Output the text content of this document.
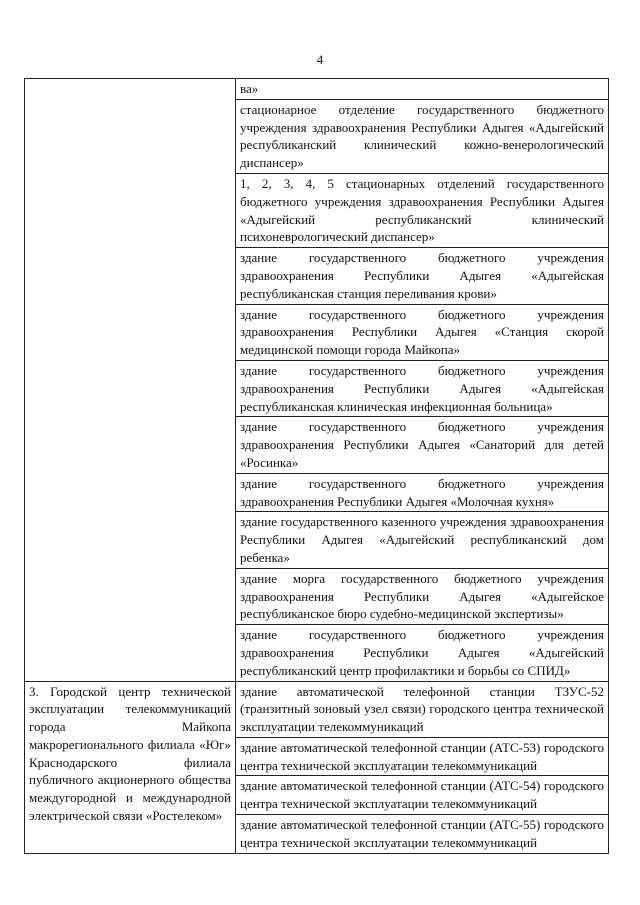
4
	ва»
	стационарное отделение государственного бюджетного учреждения здравоохранения Республики Адыгея «Адыгейский республиканский клинический кожно-венерологический диспансер»
	1, 2, 3, 4, 5 стационарных отделений государственного бюджетного учреждения здравоохранения Республики Адыгея «Адыгейский республиканский клинический психоневрологический диспансер»
	здание государственного бюджетного учреждения здравоохранения Республики Адыгея «Адыгейская республиканская станция переливания крови»
	здание государственного бюджетного учреждения здравоохранения Республики Адыгея «Станция скорой медицинской помощи города Майкопа»
	здание государственного бюджетного учреждения здравоохранения Республики Адыгея «Адыгейская республиканская клиническая инфекционная больница»
	здание государственного бюджетного учреждения здравоохранения Республики Адыгея «Санаторий для детей «Росинка»
	здание государственного бюджетного учреждения здравоохранения Республики Адыгея «Молочная кухня»
	здание государственного казенного учреждения здравоохранения Республики Адыгея «Адыгейский республиканский дом ребенка»
	здание морга государственного бюджетного учреждения здравоохранения Республики Адыгея «Адыгейское республиканское бюро судебно-медицинской экспертизы»
	здание государственного бюджетного учреждения здравоохранения Республики Адыгея «Адыгейский республиканский центр профилактики и борьбы со СПИД»
3. Городской центр технической эксплуатации телекоммуникаций города Майкопа макрорегионального филиала «Юг» Краснодарского филиала публичного акционерного общества междугородной и международной электрической связи «Ростелеком»	здание автоматической телефонной станции ТЗУС-52 (транзитный зоновый узел связи) городского центра технической эксплуатации телекоммуникаций
	здание автоматической телефонной станции (АТС-53) городского центра технической эксплуатации телекоммуникаций
	здание автоматической телефонной станции (АТС-54) городского центра технической эксплуатации телекоммуникаций
	здание автоматической телефонной станции (АТС-55) городского центра технической эксплуатации телекоммуникаций
